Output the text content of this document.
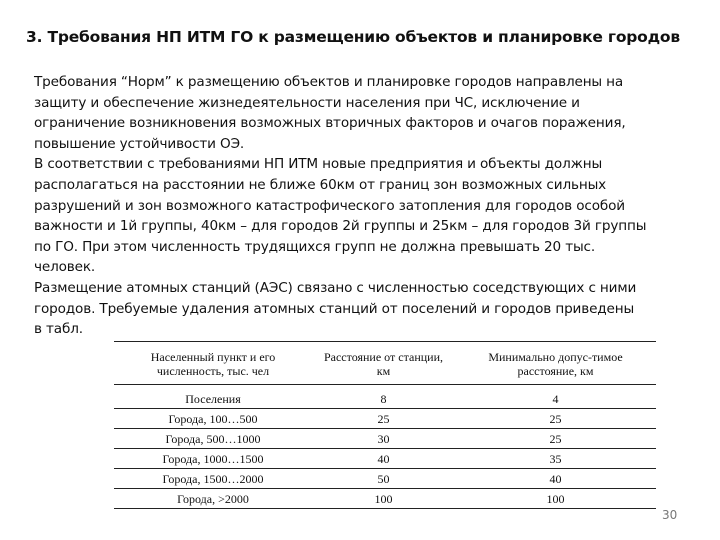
3. Требования НП ИТМ ГО к размещению объектов и планировке городов
Требования “Норм” к размещению объектов и планировке городов направлены на
защиту и обеспечение жизнедеятельности населения при ЧС, исключение и
ограничение возникновения возможных вторичных факторов и очагов поражения,
повышение устойчивости ОЭ.
В соответствии с требованиями НП ИТМ новые предприятия и объекты должны
располагаться на расстоянии не ближе 60км от границ зон возможных сильных
разрушений и зон возможного катастрофического затопления для городов особой
важности и 1й группы, 40км – для городов 2й группы и 25км – для городов 3й группы
по ГО. При этом численность трудящихся групп не должна превышать 20 тыс.
человек.
Размещение атомных станций (АЭС) связано с численностью соседствующих с ними
городов. Требуемые удаления атомных станций от поселений и городов приведены
в табл.
Населенный пункт и его численность, тыс. чел	Расстояние от станции, км	Минимально допус-тимое расстояние, км
Поселения	8	4
Города, 100…500	25	25
Города, 500…1000	30	25
Города, 1000…1500	40	35
Города, 1500…2000	50	40
Города, >2000	100	100
30
